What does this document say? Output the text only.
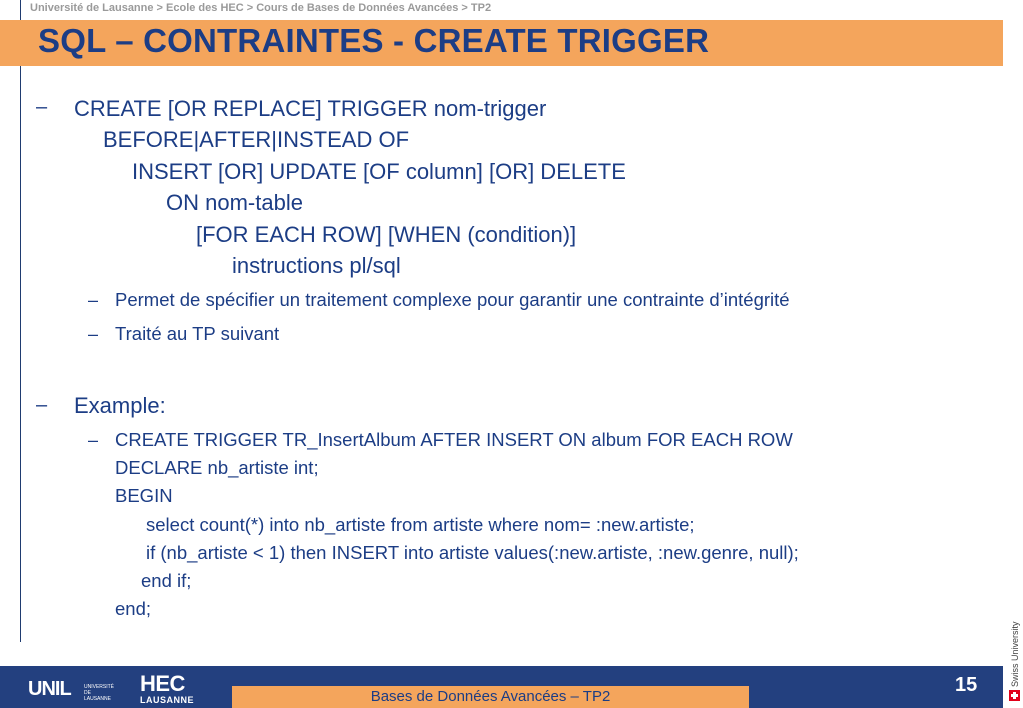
Université de Lausanne > Ecole des HEC > Cours de Bases de Données Avancées > TP2
SQL – CONTRAINTES - CREATE TRIGGER
– CREATE [OR REPLACE] TRIGGER nom-trigger
BEFORE|AFTER|INSTEAD OF
INSERT [OR] UPDATE [OF column] [OR] DELETE
ON nom-table
[FOR EACH ROW] [WHEN (condition)]
instructions pl/sql
– Permet de spécifier un traitement complexe pour garantir une contrainte d’intégrité
– Traité au TP suivant
– Example:
– CREATE TRIGGER TR_InsertAlbum AFTER INSERT ON album FOR EACH ROW
DECLARE nb_artiste int;
BEGIN
select count(*) into nb_artiste from artiste where nom= :new.artiste;
if (nb_artiste < 1) then INSERT into artiste values(:new.artiste, :new.genre, null);
end if;
end;
UNIL	UNIVERSITÉ DE LAUSANNE
HEC
LAUSANNE	Bases de Données Avancées – TP2
15	Swiss University
